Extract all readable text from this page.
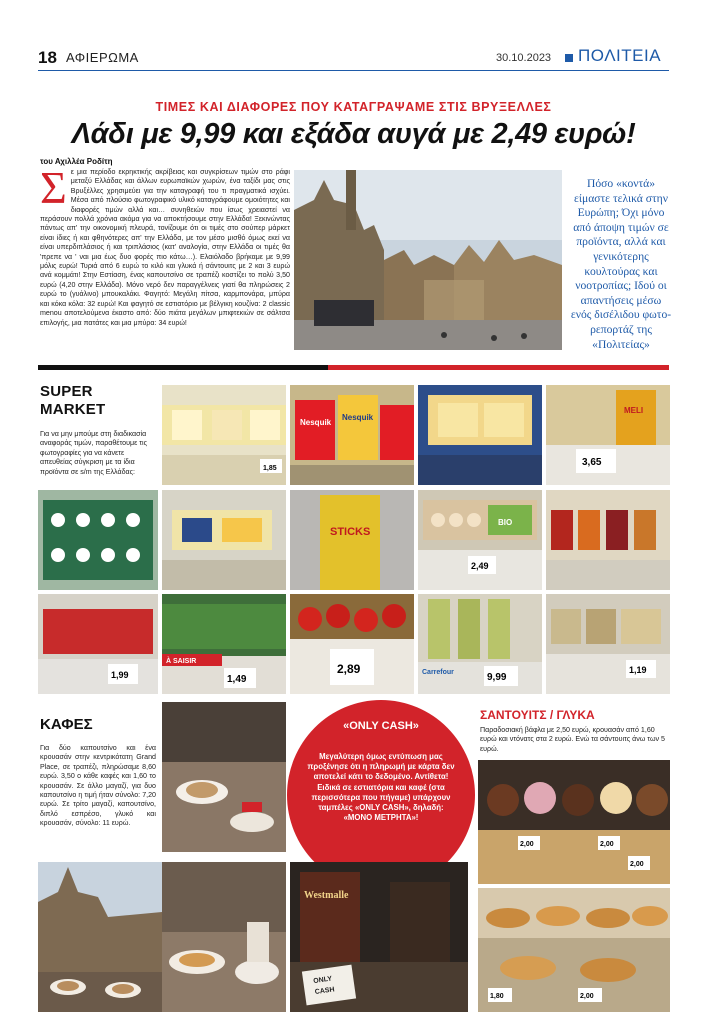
18 ΑΦΙΕΡΩΜΑ	30.10.2023 ΠΟΛΙΤΕΙΑ
ΤΙΜΕΣ ΚΑΙ ΔΙΑΦΟΡΕΣ ΠΟΥ ΚΑΤΑΓΡΑΨΑΜΕ ΣΤΙΣ ΒΡΥΞΕΛΛΕΣ
Λάδι με 9,99 και εξάδα αυγά με 2,49 ευρώ!
του Αχιλλέα Ροδίτη
Σ ε μια περίοδο εκρηκτικής ακρίβειας και συγκρίσεων τιμών στο ράφι μεταξύ Ελλάδας και άλλων ευρωπαϊκών χωρών, ένα ταξίδι μας στις Βρυξέλλες χρησιμεύει για την καταγραφή του τι πραγματικά ισχύει. Μέσα από πλούσιο φωτογραφικό υλικό καταγράφουμε ομοιότητες και διαφορές τιμών αλλά και… συνηθειών που ίσως χρειαστεί να περάσουν πολλά χρόνια ακόμα για να αποκτήσουμε στην Ελλάδα! Ξεκινώντας πάντως απ' την οικονομική πλευρά, τονίζουμε ότι οι τιμές στο σούπερ μάρκετ είναι ίδιες ή και φθηνότερες απ' την Ελλάδα, με τον μέσο μισθό όμως εκεί να είναι υπερδιπλάσιος ή και τριπλάσιος (κατ' αναλογία, στην Ελλάδα οι τιμές θα 'πρεπε να ' ναι μια έως δυο φορές πιο κάτω…). Ελαιόλαδο βρήκαμε με 9,99 μόλις ευρώ! Τυριά από 6 ευρώ το κιλό και γλυκά ή σάντουιτς με 2 και 3 ευρώ ανά κομμάτι! Στην Εστίαση, ένας καπουτσίνο σε τραπέζι κοστίζει το πολύ 3,50 ευρώ (4,20 στην Ελλάδα). Μόνο νερό δεν παραγγέλνεις γιατί θα πληρώσεις 2 ευρώ το (γυάλινο) μπουκαλάκι. Φαγητό: Μεγάλη πίτσα, καρμπονάρα, μπύρα και κόκα κόλα: 32 ευρώ! Και φαγητό σε εστιατόριο με βέλγικη κουζίνα: 2 classic menou αποτελούμενα έκαστο από: δύο πιάτα μεγάλων μπιφτεκιών σε σάλτσα επιλογής, μια πατάτες και μια μπύρα: 34 ευρώ!
Πόσο «κοντά» είμαστε τελικά στην Ευρώπη; Όχι μόνο από άποψη τιμών σε προϊόντα, αλλά και γενικότερης κουλτούρας και νοοτροπίας; Ιδού οι απαντήσεις μέσω ενός δισέλιδου φωτο-ρεπορτάζ της «Πολιτείας»
SUPER
MARKET
Για να μην μπούμε στη διαδικασία αναφοράς τιμών, παραθέτουμε τις φωτογραφίες για να κάνετε απευθείας σύγκριση με τα ίδια προϊόντα σε s/m της Ελλάδας:	1,85
Nesquik
Nesquik
MELI
3,65
STICKS
BIO
2,49
1,99
À SAISIR
1,49
2,89	Carrefour	9,99
1,19
ΚΑΦΕΣ
Για δύο καπουτσίνο και ένα κρουασάν στην κεντρικότατη Grand Place, σε τραπέζι, πληρώσαμε 8,60 ευρώ. 3,50 ο κάθε καφές και 1,60 το κρουασάν. Σε άλλο μαγαζί, για δυο καπουτσίνο η τιμή ήταν σύνολο: 7,20 ευρώ. Σε τρίτο μαγαζί, καπουτσίνο, διπλό εσπρέσο, γλυκό και κρουασάν, σύνολο: 11 ευρώ.
«ONLY CASH»
Μεγαλύτερη όμως εντύπωση μας προξένησε ότι η πληρωμή με κάρτα δεν αποτελεί κάτι το δεδομένο. Αντίθετα! Ειδικά σε εστιατόρια και καφέ (στα περισσότερα που πήγαμε) υπάρχουν ταμπέλες «ONLY CASH», δηλαδή: «ΜΟΝΟ ΜΕΤΡΗΤΑ»!
Westmalle
ONLY
CASH
ΣΑΝΤΟΥΙΤΣ / ΓΛΥΚΑ
Παραδοσιακή βάφλα με 2,50 ευρώ, κρουασάν από 1,60 ευρώ και ντόνατς στα 2 ευρώ. Ενώ τα σάντουιτς άνω των 5 ευρώ.
2,00	2,00
2,00
1,80	2,00
